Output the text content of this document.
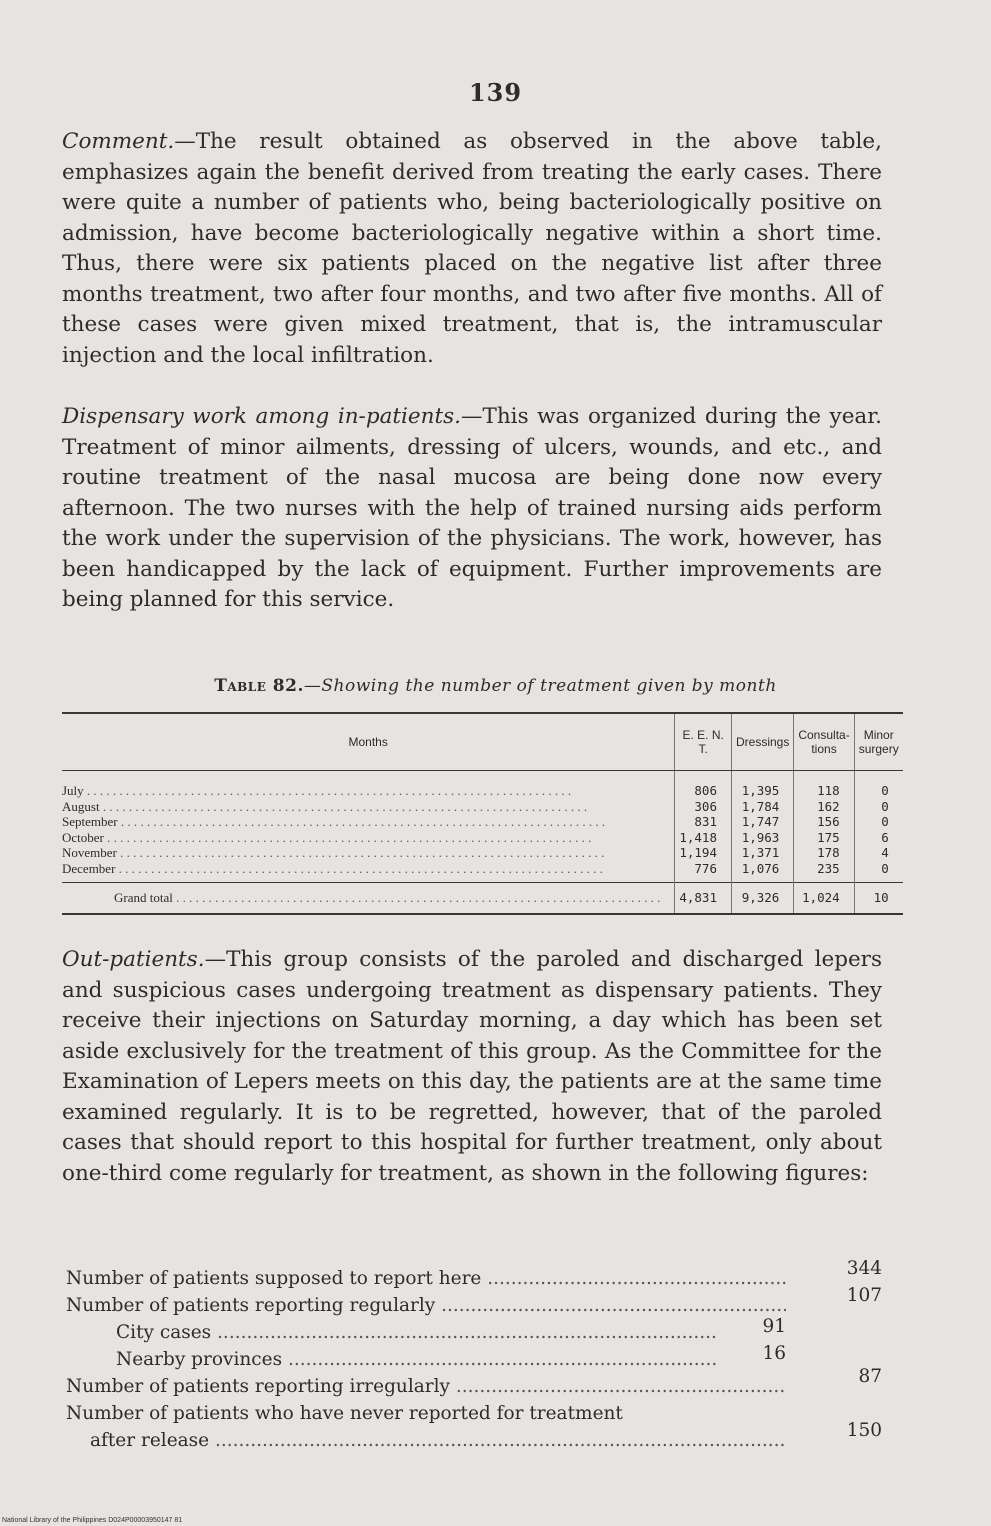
139

Comment.—The result obtained as observed in the above table, emphasizes again the benefit derived from treating the early cases. There were quite a number of patients who, being bacteriologically positive on admission, have become bacteriologically negative within a short time. Thus, there were six patients placed on the negative list after three months treatment, two after four months, and two after five months. All of these cases were given mixed treatment, that is, the intramuscular injection and the local infiltration.

Dispensary work among in-patients.—This was organized during the year. Treatment of minor ailments, dressing of ulcers, wounds, and etc., and routine treatment of the nasal mucosa are being done now every afternoon. The two nurses with the help of trained nursing aids perform the work under the supervision of the physicians. The work, however, has been handicapped by the lack of equipment. Further improvements are being planned for this service.

Table 82.—Showing the number of treatment given by month
Months	E. E. N. T.	Dressings	Consulta- tions	Minor surgery
July . . .	806	1,395	118	0
August . . .	306	1,784	162	0
September . . .	831	1,747	156	0
October . . .	1,418	1,963	175	6
November . . .	1,194	1,371	178	4
December . . .	776	1,076	235	0
Grand total . . .	4,831	9,326	1,024	10

Out-patients.—This group consists of the paroled and discharged lepers and suspicious cases undergoing treatment as dispensary patients. They receive their injections on Saturday morning, a day which has been set aside exclusively for the treatment of this group. As the Committee for the Examination of Lepers meets on this day, the patients are at the same time examined regularly. It is to be regretted, however, that of the paroled cases that should report to this hospital for further treatment, only about one-third come regularly for treatment, as shown in the following figures:

Number of patients supposed to report here .....	344
Number of patients reporting regularly .....	107
City cases .....	91
Nearby provinces .....	16
Number of patients reporting irregularly .....	87
Number of patients who have never reported for treatment
after release .....	150
National Library of the Philippines D024P00003950147 81
